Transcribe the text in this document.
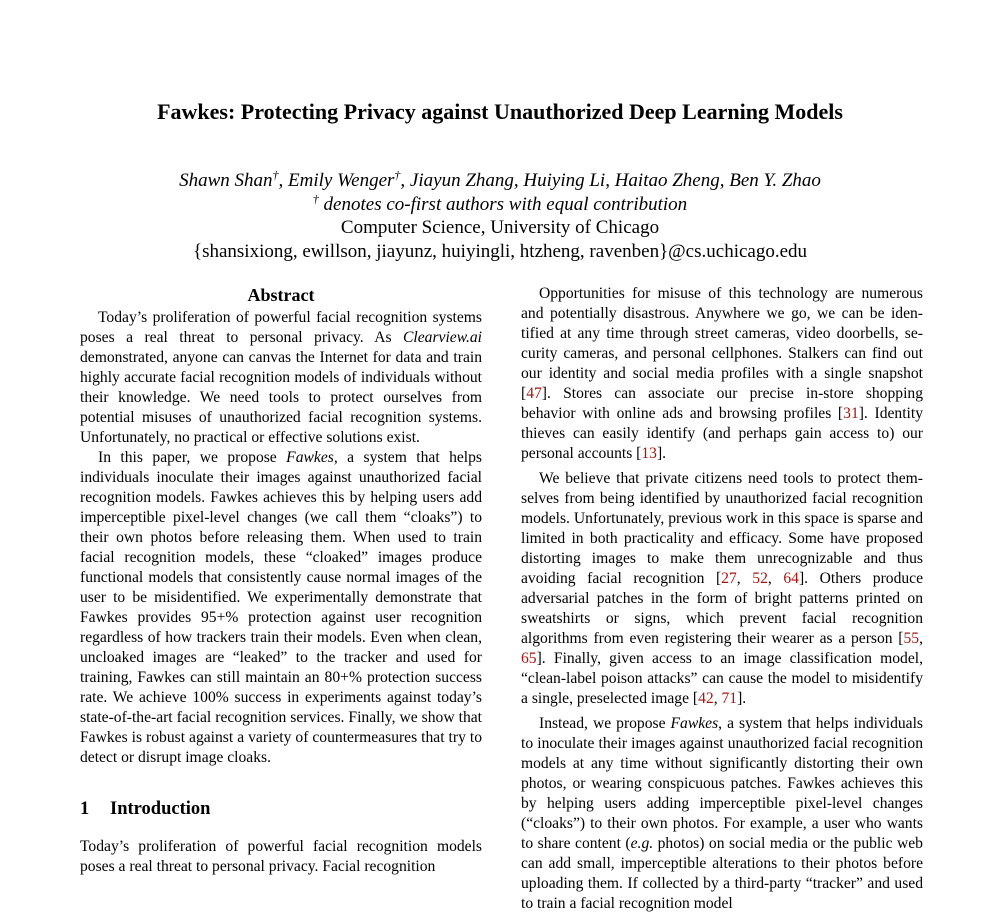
Fawkes: Protecting Privacy against Unauthorized Deep Learning Models
Shawn Shan†, Emily Wenger†, Jiayun Zhang, Huiying Li, Haitao Zheng, Ben Y. Zhao
† denotes co-first authors with equal contribution
Computer Science, University of Chicago
{shansixiong, ewillson, jiayunz, huiyingli, htzheng, ravenben}@cs.uchicago.edu
Abstract

Today’s proliferation of powerful facial recognition systems poses a real threat to personal privacy. As Clearview.ai demonstrated, anyone can canvas the Internet for data and train highly accurate facial recognition models of individuals without their knowledge. We need tools to protect ourselves from potential misuses of unauthorized facial recognition systems. Unfortunately, no practical or effective solutions exist.

In this paper, we propose Fawkes, a system that helps individuals inoculate their images against unauthorized facial recognition models. Fawkes achieves this by helping users add imperceptible pixel-level changes (we call them “cloaks”) to their own photos before releasing them. When used to train facial recognition models, these “cloaked” images produce functional models that consistently cause normal images of the user to be misidentified. We experimentally demonstrate that Fawkes provides 95+% protection against user recognition regardless of how trackers train their models. Even when clean, uncloaked images are “leaked” to the tracker and used for training, Fawkes can still maintain an 80+% protection success rate. We achieve 100% success in experiments against today’s state-of-the-art facial recognition services. Finally, we show that Fawkes is robust against a variety of countermeasures that try to detect or disrupt image cloaks.

1 Introduction

Today’s proliferation of powerful facial recognition models poses a real threat to personal privacy. Facial recognition

Opportunities for misuse of this technology are numerous and potentially disastrous. Anywhere we go, we can be identified at any time through street cameras, video doorbells, security cameras, and personal cellphones. Stalkers can find out our identity and social media profiles with a single snapshot [47]. Stores can associate our precise in-store shopping behavior with online ads and browsing profiles [31]. Identity thieves can easily identify (and perhaps gain access to) our personal accounts [13].

We believe that private citizens need tools to protect themselves from being identified by unauthorized facial recognition models. Unfortunately, previous work in this space is sparse and limited in both practicality and efficacy. Some have proposed distorting images to make them unrecognizable and thus avoiding facial recognition [27, 52, 64]. Others produce adversarial patches in the form of bright patterns printed on sweatshirts or signs, which prevent facial recognition algorithms from even registering their wearer as a person [55, 65]. Finally, given access to an image classification model, “clean-label poison attacks” can cause the model to misidentify a single, preselected image [42, 71].

Instead, we propose Fawkes, a system that helps individuals to inoculate their images against unauthorized facial recognition models at any time without significantly distorting their own photos, or wearing conspicuous patches. Fawkes achieves this by helping users adding imperceptible pixel-level changes (“cloaks”) to their own photos. For example, a user who wants to share content (e.g. photos) on social media or the public web can add small, imperceptible alterations to their photos before uploading them. If collected by a third-party “tracker” and used to train a facial recognition model
